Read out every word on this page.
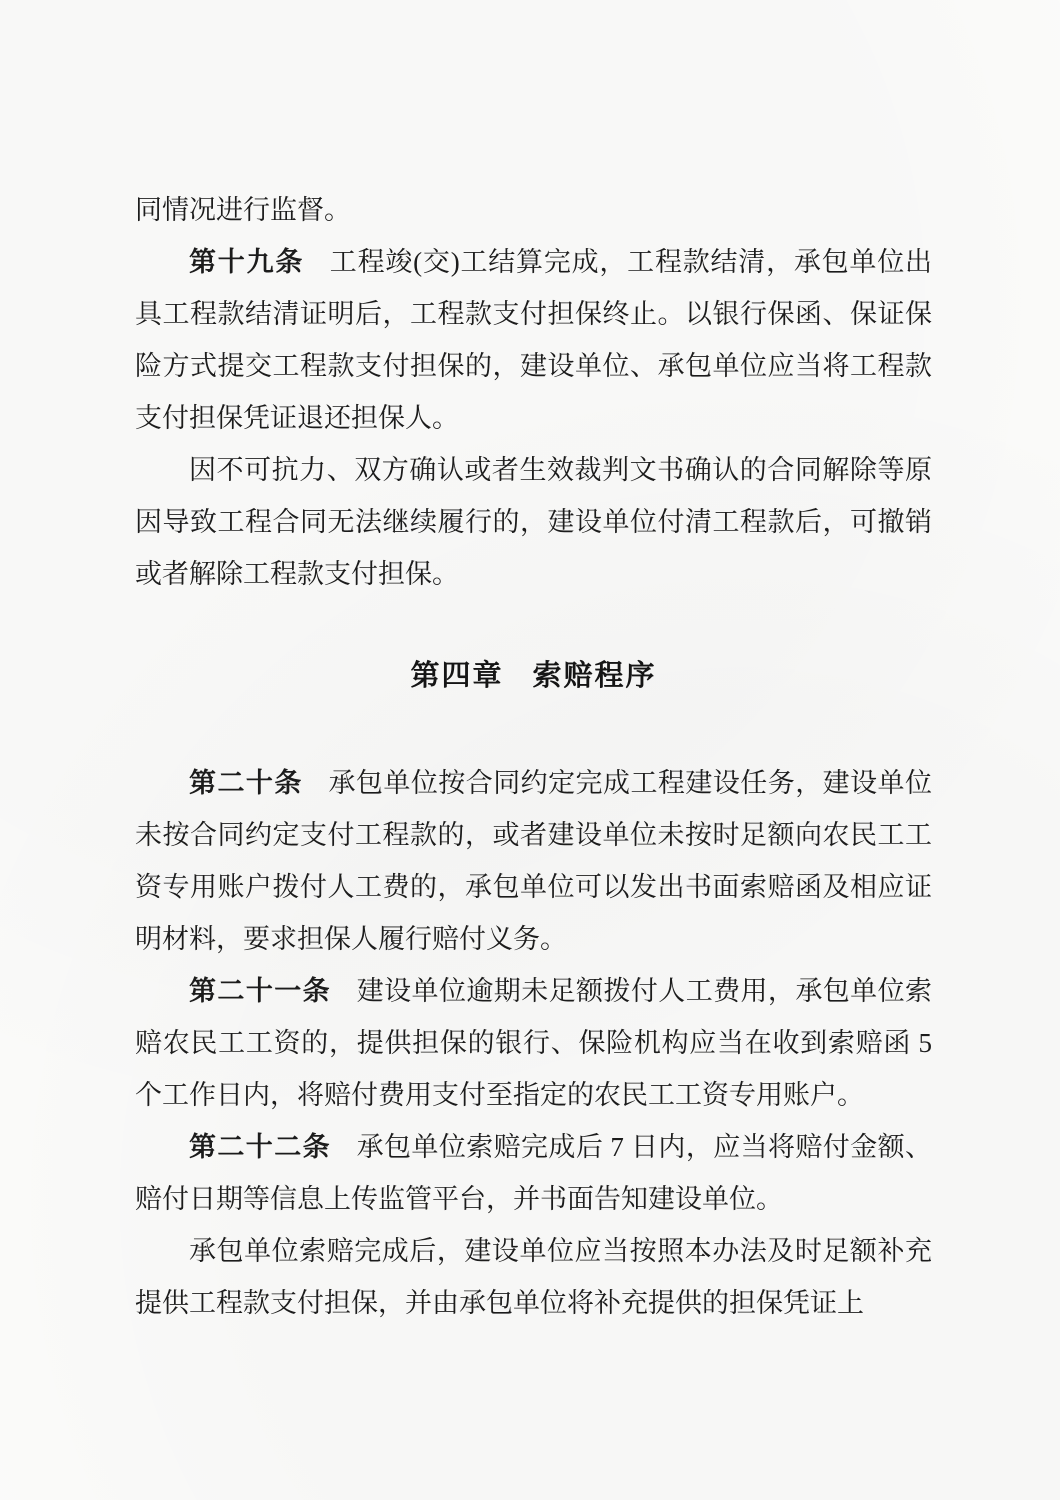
同情况进行监督。

第十九条 工程竣(交)工结算完成，工程款结清，承包单位出具工程款结清证明后，工程款支付担保终止。以银行保函、保证保险方式提交工程款支付担保的，建设单位、承包单位应当将工程款支付担保凭证退还担保人。

因不可抗力、双方确认或者生效裁判文书确认的合同解除等原因导致工程合同无法继续履行的，建设单位付清工程款后，可撤销或者解除工程款支付担保。

第四章 索赔程序

第二十条 承包单位按合同约定完成工程建设任务，建设单位未按合同约定支付工程款的，或者建设单位未按时足额向农民工工资专用账户拨付人工费的，承包单位可以发出书面索赔函及相应证明材料，要求担保人履行赔付义务。

第二十一条 建设单位逾期未足额拨付人工费用，承包单位索赔农民工工资的，提供担保的银行、保险机构应当在收到索赔函 5 个工作日内，将赔付费用支付至指定的农民工工资专用账户。

第二十二条 承包单位索赔完成后 7 日内，应当将赔付金额、赔付日期等信息上传监管平台，并书面告知建设单位。

承包单位索赔完成后，建设单位应当按照本办法及时足额补充提供工程款支付担保，并由承包单位将补充提供的担保凭证上
